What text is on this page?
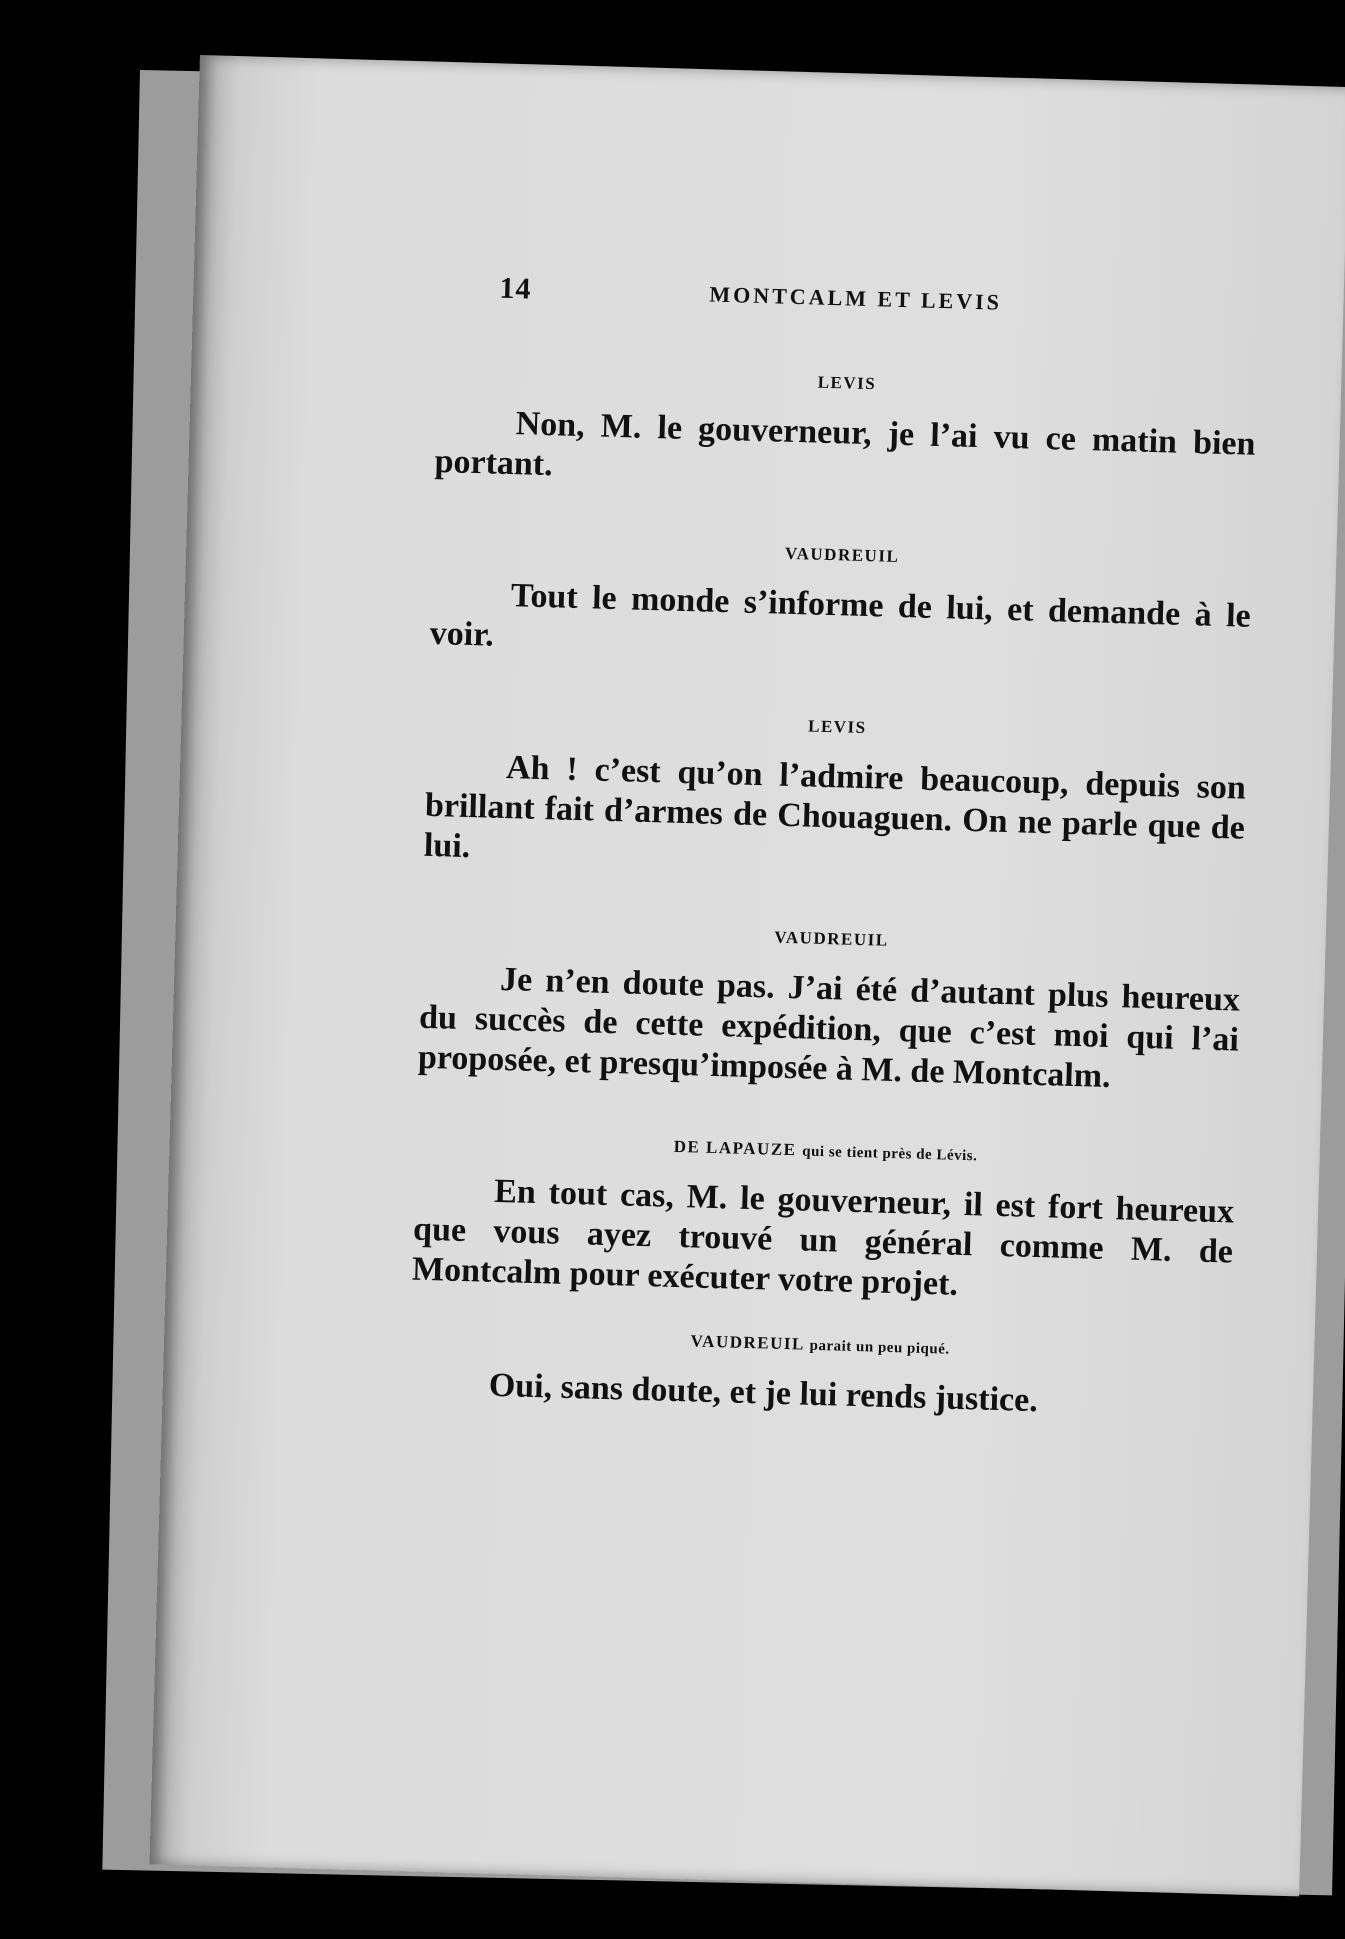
14	MONTCALM ET LEVIS

LEVIS

Non, M. le gouverneur, je l’ai vu ce matin bien portant.

VAUDREUIL

Tout le monde s’informe de lui, et demande à le voir.

LEVIS

Ah ! c’est qu’on l’admire beaucoup, depuis son brillant fait d’armes de Chouaguen. On ne parle que de lui.

VAUDREUIL

Je n’en doute pas. J’ai été d’autant plus heureux du succès de cette expédition, que c’est moi qui l’ai proposée, et presqu’imposée à M. de Montcalm.

DE LAPAUZE qui se tient près de Lévis.

En tout cas, M. le gouverneur, il est fort heureux que vous ayez trouvé un général comme M. de Montcalm pour exécuter votre projet.

VAUDREUIL parait un peu piqué.

Oui, sans doute, et je lui rends justice.
